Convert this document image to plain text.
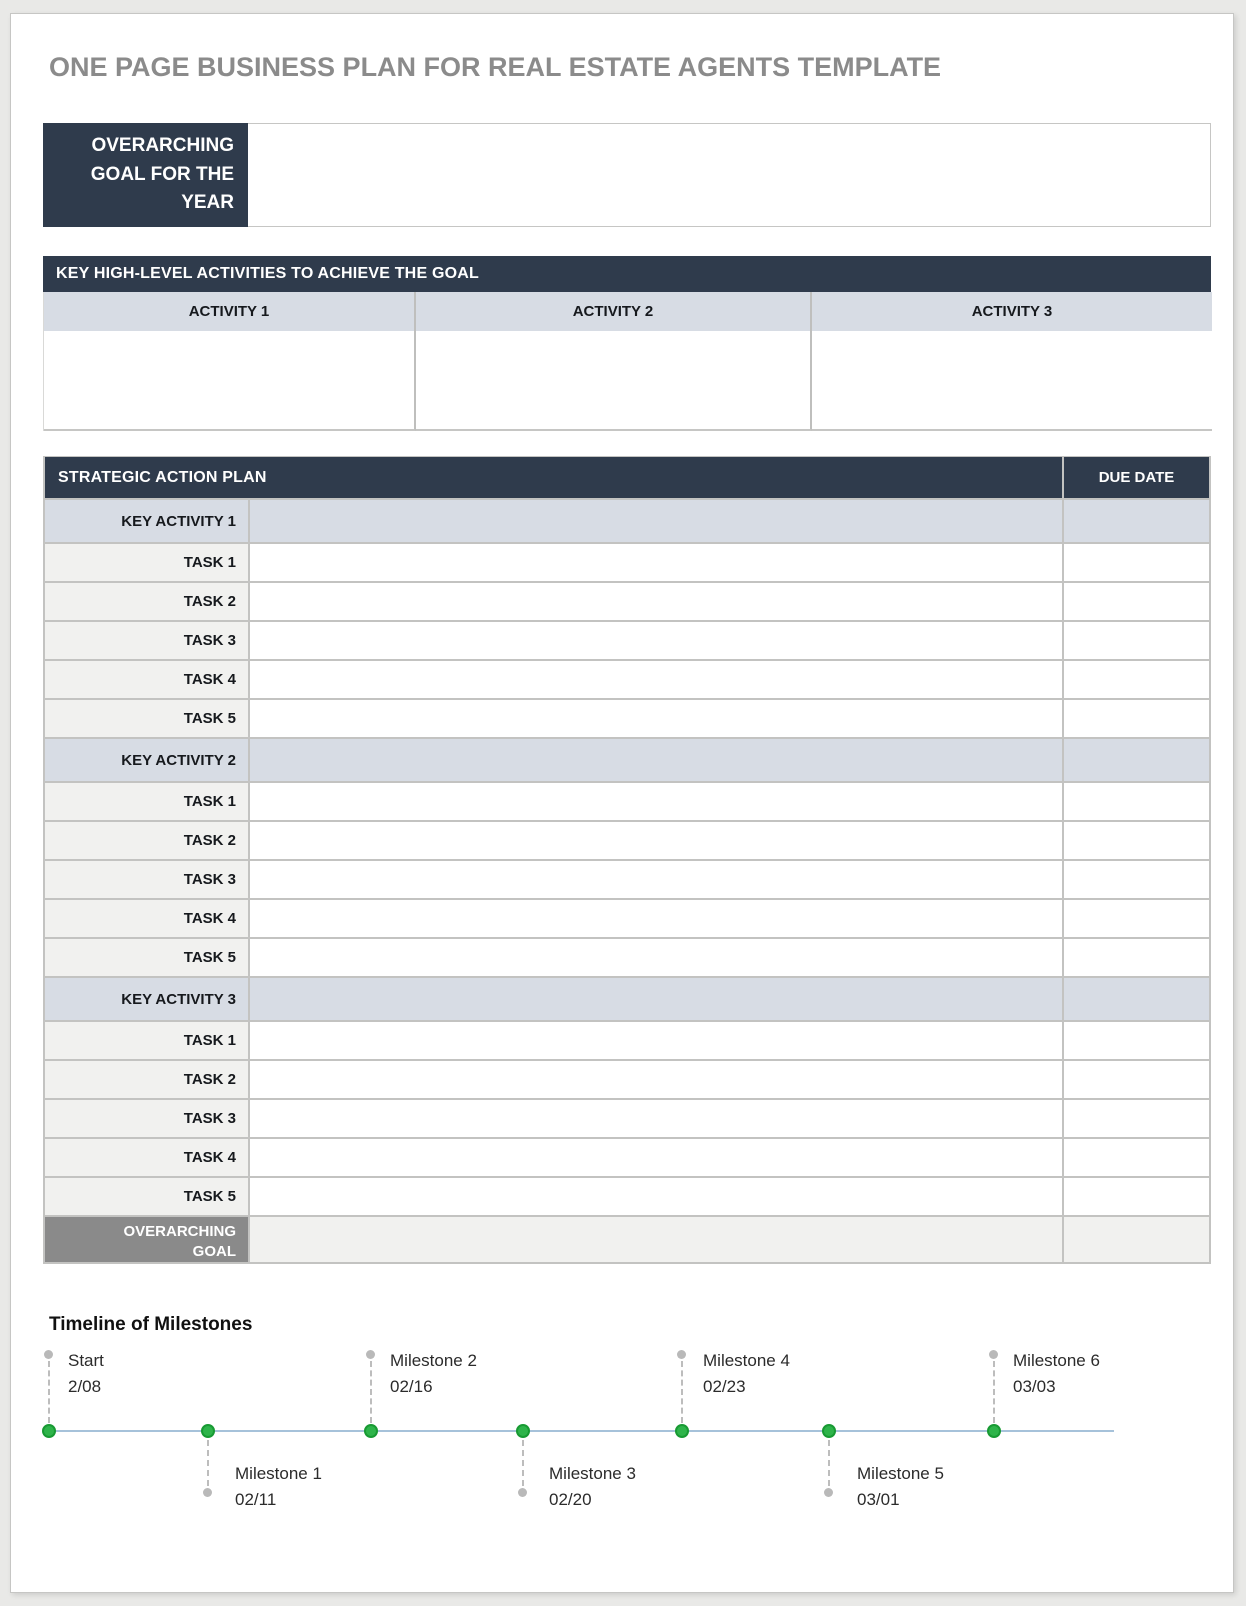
ONE PAGE BUSINESS PLAN FOR REAL ESTATE AGENTS TEMPLATE
OVERARCHING GOAL FOR THE YEAR
KEY HIGH-LEVEL ACTIVITIES TO ACHIEVE THE GOAL
ACTIVITY 1	ACTIVITY 2	ACTIVITY 3
STRATEGIC ACTION PLAN	DUE DATE
KEY ACTIVITY 1
TASK 1
TASK 2
TASK 3
TASK 4
TASK 5
KEY ACTIVITY 2
TASK 1
TASK 2
TASK 3
TASK 4
TASK 5
KEY ACTIVITY 3
TASK 1
TASK 2
TASK 3
TASK 4
TASK 5
OVERARCHING GOAL
Timeline of Milestones
Start
2/08
Milestone 1
02/11
Milestone 2
02/16
Milestone 3
02/20
Milestone 4
02/23
Milestone 5
03/01
Milestone 6
03/03
